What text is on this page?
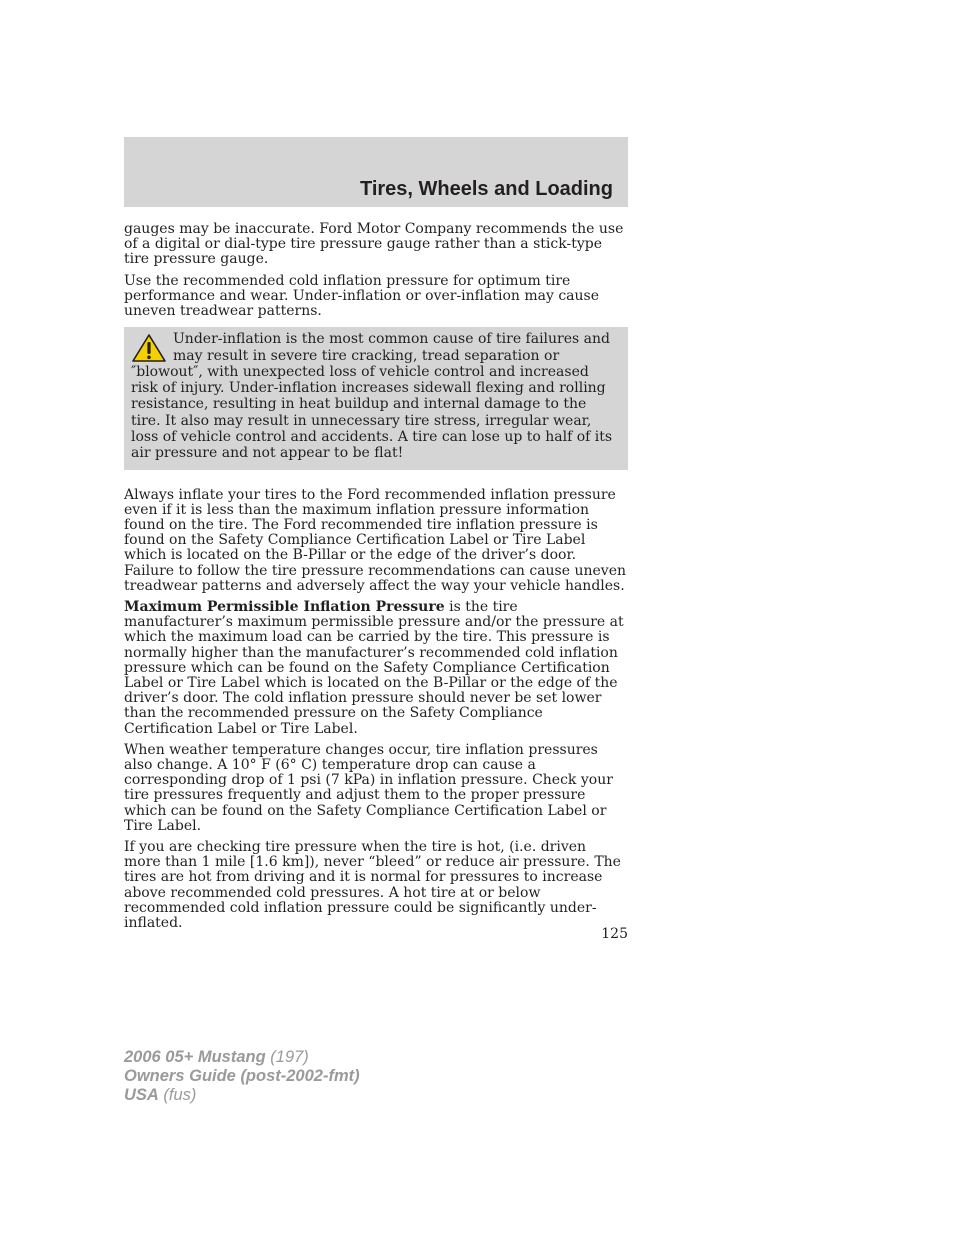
Tires, Wheels and Loading

gauges may be inaccurate. Ford Motor Company recommends the use of a digital or dial-type tire pressure gauge rather than a stick-type tire pressure gauge.

Use the recommended cold inflation pressure for optimum tire performance and wear. Under-inflation or over-inflation may cause uneven treadwear patterns.

Under-inflation is the most common cause of tire failures and may result in severe tire cracking, tread separation or ″blowout″, with unexpected loss of vehicle control and increased risk of injury. Under-inflation increases sidewall flexing and rolling resistance, resulting in heat buildup and internal damage to the tire. It also may result in unnecessary tire stress, irregular wear, loss of vehicle control and accidents. A tire can lose up to half of its air pressure and not appear to be flat!

Always inflate your tires to the Ford recommended inflation pressure even if it is less than the maximum inflation pressure information found on the tire. The Ford recommended tire inflation pressure is found on the Safety Compliance Certification Label or Tire Label which is located on the B-Pillar or the edge of the driver’s door. Failure to follow the tire pressure recommendations can cause uneven treadwear patterns and adversely affect the way your vehicle handles.

Maximum Permissible Inflation Pressure is the tire manufacturer’s maximum permissible pressure and/or the pressure at which the maximum load can be carried by the tire. This pressure is normally higher than the manufacturer’s recommended cold inflation pressure which can be found on the Safety Compliance Certification Label or Tire Label which is located on the B-Pillar or the edge of the driver’s door. The cold inflation pressure should never be set lower than the recommended pressure on the Safety Compliance Certification Label or Tire Label.

When weather temperature changes occur, tire inflation pressures also change. A 10° F (6° C) temperature drop can cause a corresponding drop of 1 psi (7 kPa) in inflation pressure. Check your tire pressures frequently and adjust them to the proper pressure which can be found on the Safety Compliance Certification Label or Tire Label.

If you are checking tire pressure when the tire is hot, (i.e. driven more than 1 mile [1.6 km]), never “bleed” or reduce air pressure. The tires are hot from driving and it is normal for pressures to increase above recommended cold pressures. A hot tire at or below recommended cold inflation pressure could be significantly under-inflated.

125
2006 05+ Mustang (197)
Owners Guide (post-2002-fmt)
USA (fus)
